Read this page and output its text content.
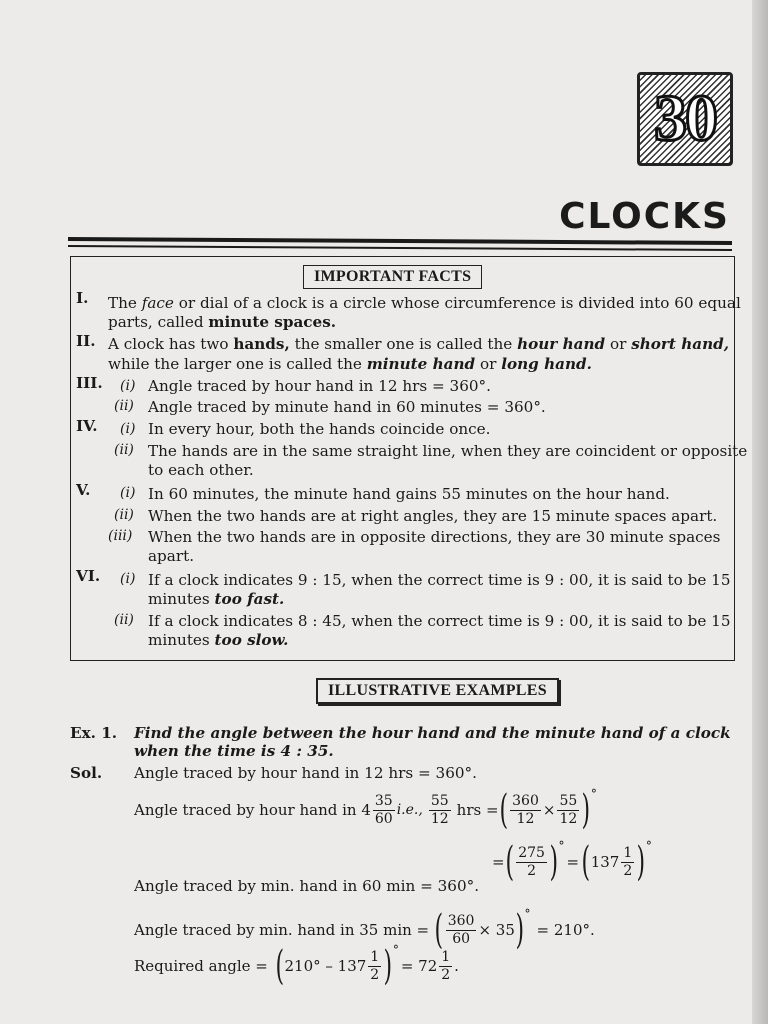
30
CLOCKS
IMPORTANT FACTS
I. The face or dial of a clock is a circle whose circumference is divided into 60 equal
parts, called minute spaces.
II. A clock has two hands, the smaller one is called the hour hand or short hand,
while the larger one is called the minute hand or long hand.
III. (i) Angle traced by hour hand in 12 hrs = 360°.
(ii) Angle traced by minute hand in 60 minutes = 360°.
IV. (i) In every hour, both the hands coincide once.
(ii) The hands are in the same straight line, when they are coincident or opposite
to each other.
V. (i) In 60 minutes, the minute hand gains 55 minutes on the hour hand.
(ii) When the two hands are at right angles, they are 15 minute spaces apart.
(iii) When the two hands are in opposite directions, they are 30 minute spaces
apart.
VI. (i) If a clock indicates 9 : 15, when the correct time is 9 : 00, it is said to be 15
minutes too fast.
(ii) If a clock indicates 8 : 45, when the correct time is 9 : 00, it is said to be 15
minutes too slow.
ILLUSTRATIVE EXAMPLES
Ex. 1. Find the angle between the hour hand and the minute hand of a clock
when the time is 4 : 35.
Sol. Angle traced by hour hand in 12 hrs = 360°.
Angle traced by hour hand in $4 \frac{35}{60} i.e$., $\frac{55}{12}$ hrs = ( $\frac{360}{12} \times \frac{55}{12}$ ) °
= ( $\frac{275}{2}$ ) °
= ( $137 \frac{1}{2}$ ) °
Angle traced by min. hand in 60 min = 360°.
Angle traced by min. hand in 35 min = ( $\frac{360}{60} \times 35$ ) °
= 210°.
Required angle = ( $210^\circ - 137 \frac{1}{2}$ ) °
= $72 \frac{1}{2}$ .
